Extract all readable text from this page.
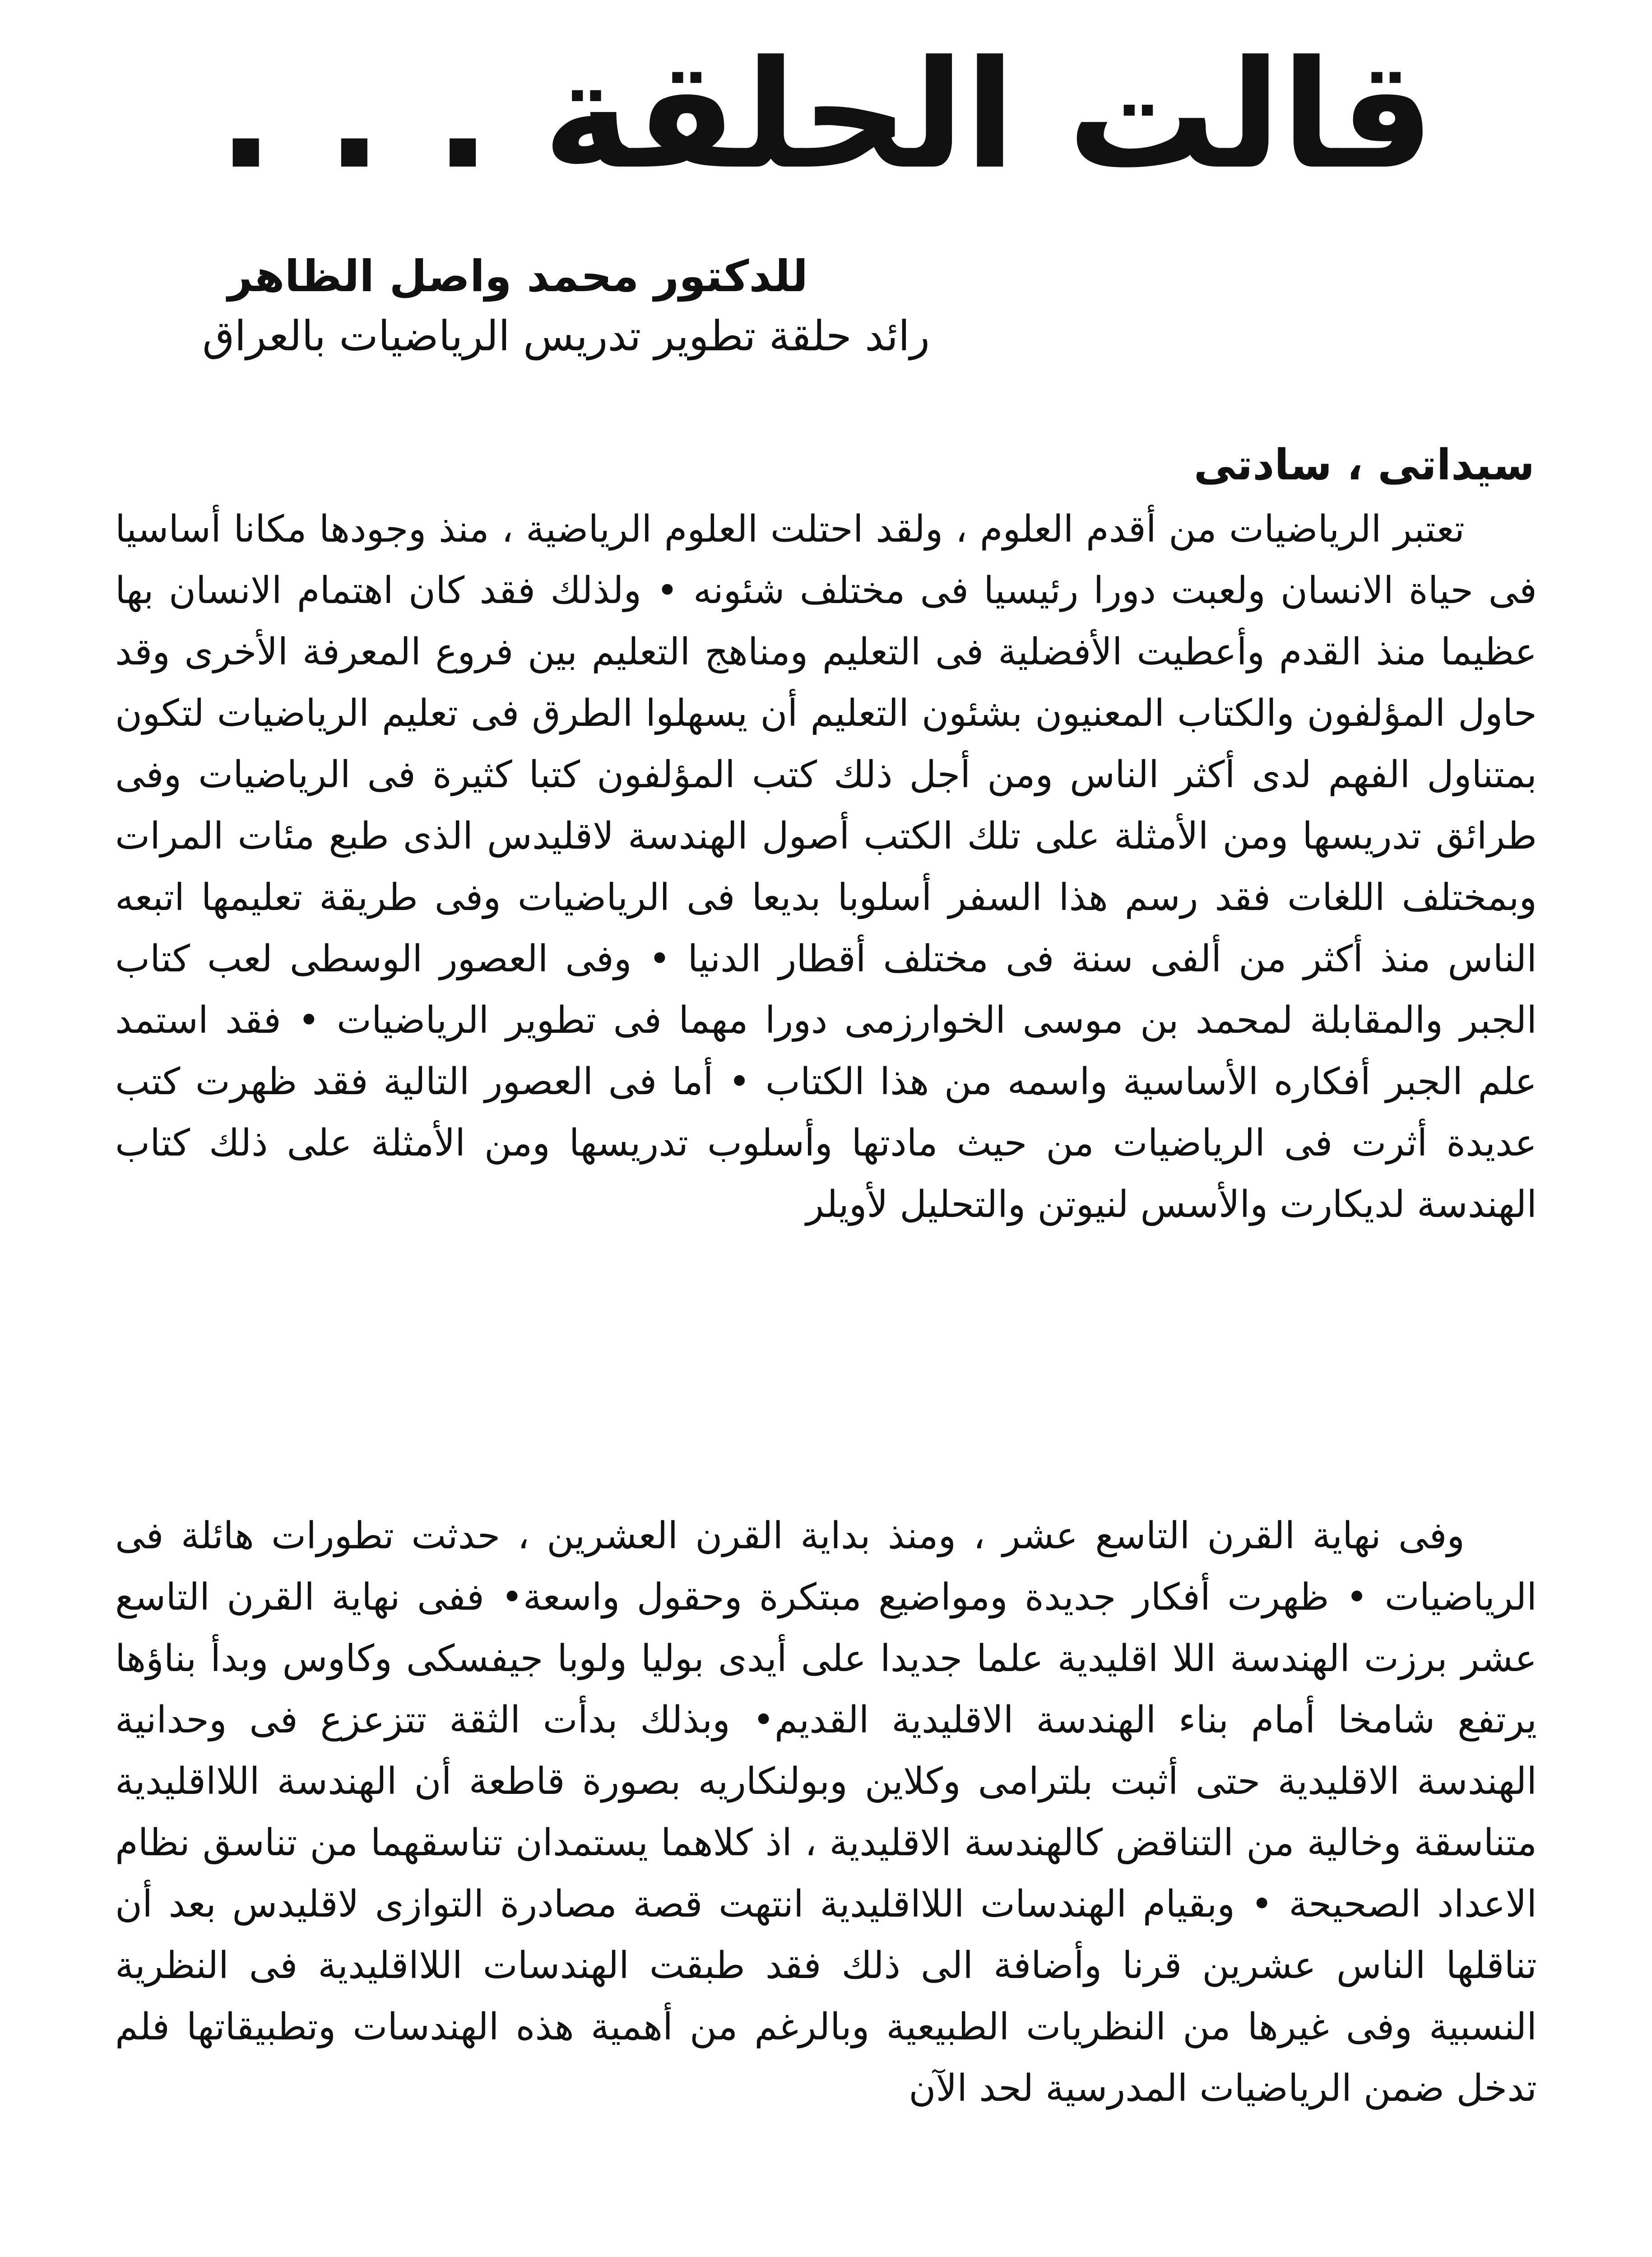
قالت الحلقة . . .

للدكتور محمد واصل الظاهر

رائد حلقة تطوير تدريس الرياضيات بالعراق

سيداتى ، سادتى

تعتبر الرياضيات من أقدم العلوم ، ولقد احتلت العلوم الرياضية ، منذ وجودها مكانا أساسيا فى حياة الانسان ولعبت دورا رئيسيا فى مختلف شئونه • ولذلك فقد كان اهتمام الانسان بها عظيما منذ القدم وأعطيت الأفضلية فى التعليم ومناهج التعليم بين فروع المعرفة الأخرى وقد حاول المؤلفون والكتاب المعنيون بشئون التعليم أن يسهلوا الطرق فى تعليم الرياضيات لتكون بمتناول الفهم لدى أكثر الناس ومن أجل ذلك كتب المؤلفون كتبا كثيرة فى الرياضيات وفى طرائق تدريسها ومن الأمثلة على تلك الكتب أصول الهندسة لاقليدس الذى طبع مئات المرات وبمختلف اللغات فقد رسم هذا السفر أسلوبا بديعا فى الرياضيات وفى طريقة تعليمها اتبعه الناس منذ أكثر من ألفى سنة فى مختلف أقطار الدنيا • وفى العصور الوسطى لعب كتاب الجبر والمقابلة لمحمد بن موسى الخوارزمى دورا مهما فى تطوير الرياضيات • فقد استمد علم الجبر أفكاره الأساسية واسمه من هذا الكتاب • أما فى العصور التالية فقد ظهرت كتب عديدة أثرت فى الرياضيات من حيث مادتها وأسلوب تدريسها ومن الأمثلة على ذلك كتاب الهندسة لديكارت والأسس لنيوتن والتحليل لأويلر

وفى نهاية القرن التاسع عشر ، ومنذ بداية القرن العشرين ، حدثت تطورات هائلة فى الرياضيات • ظهرت أفكار جديدة ومواضيع مبتكرة وحقول واسعة• ففى نهاية القرن التاسع عشر برزت الهندسة اللا اقليدية علما جديدا على أيدى بوليا ولوبا جيفسكى وكاوس وبدأ بناؤها يرتفع شامخا أمام بناء الهندسة الاقليدية القديم• وبذلك بدأت الثقة تتزعزع فى وحدانية الهندسة الاقليدية حتى أثبت بلترامى وكلاين وبولنكاريه بصورة قاطعة أن الهندسة اللااقليدية متناسقة وخالية من التناقض كالهندسة الاقليدية ، اذ كلاهما يستمدان تناسقهما من تناسق نظام الاعداد الصحيحة • وبقيام الهندسات اللااقليدية انتهت قصة مصادرة التوازى لاقليدس بعد أن تناقلها الناس عشرين قرنا وأضافة الى ذلك فقد طبقت الهندسات اللااقليدية فى النظرية النسبية وفى غيرها من النظريات الطبيعية وبالرغم من أهمية هذه الهندسات وتطبيقاتها فلم تدخل ضمن الرياضيات المدرسية لحد الآن
